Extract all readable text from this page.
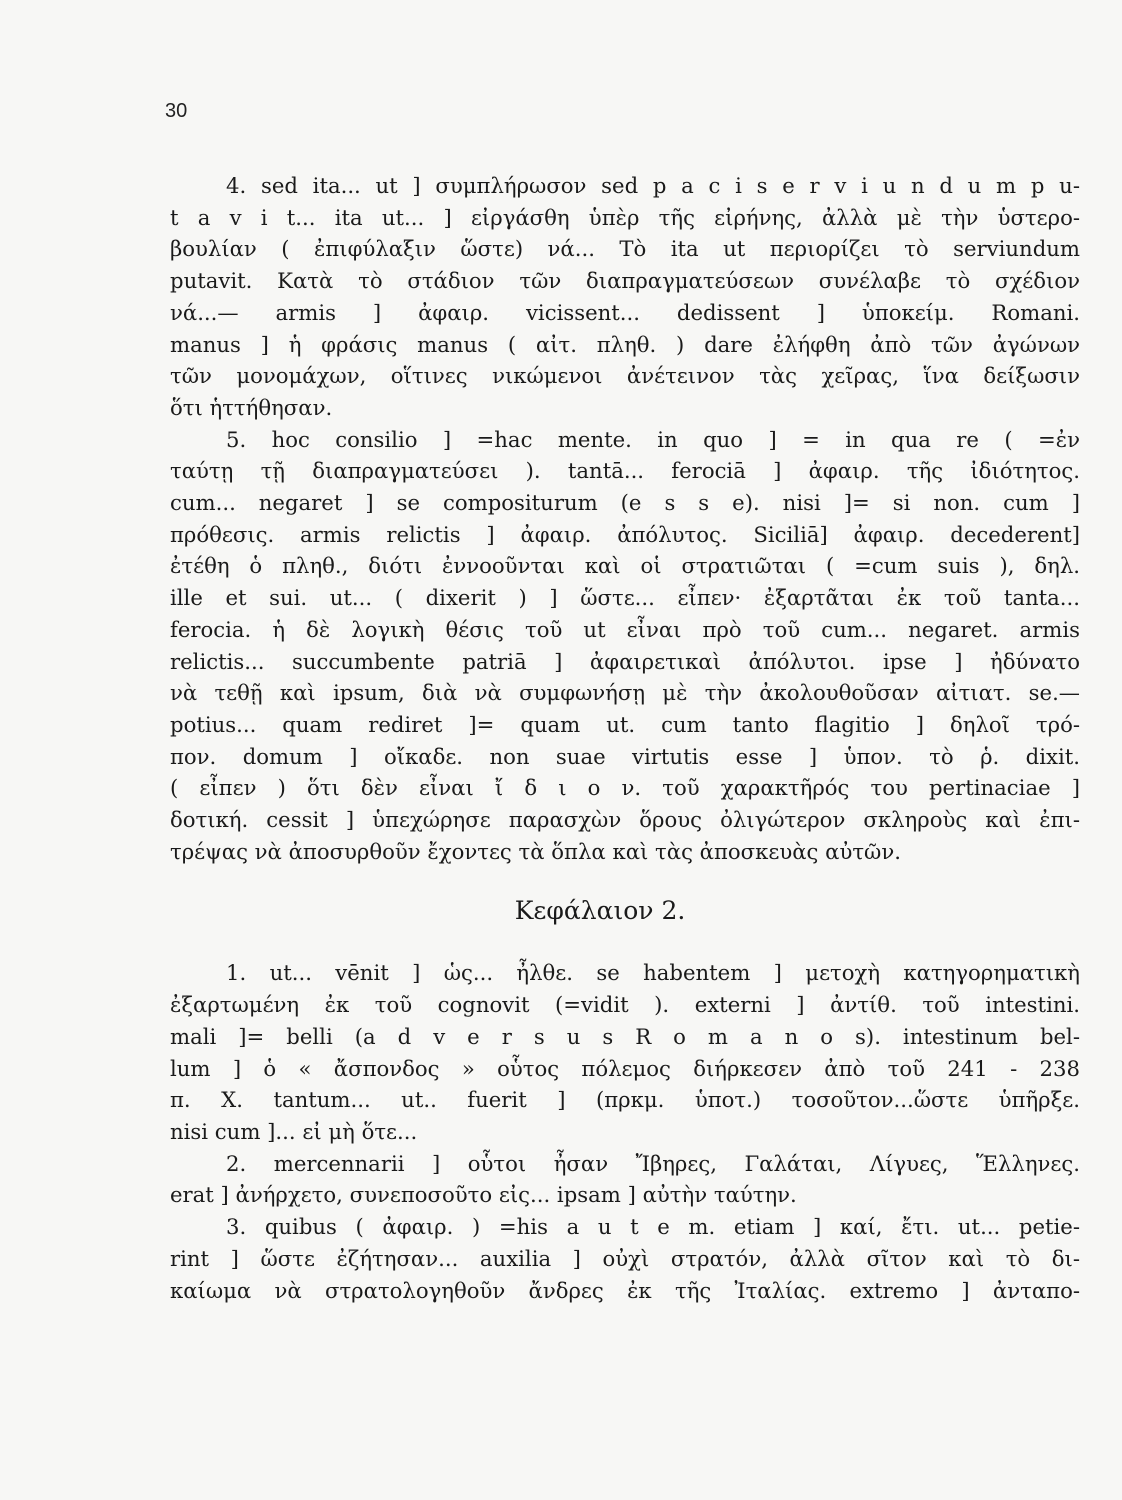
30
4. sed ita... ut ] συμπλήρωσον sed p a c i s e r v i u n d u m p u-
t a v i t... ita ut... ] εἰργάσθη ὑπὲρ τῆς εἰρήνης, ἀλλὰ μὲ τὴν ὑστερο-
βουλίαν ( ἐπιφύλαξιν ὥστε) νά... Τὸ ita ut περιορίζει τὸ serviundum
putavit. Κατὰ τὸ στάδιον τῶν διαπραγματεύσεων συνέλαβε τὸ σχέδιον
νά...— armis ] ἀφαιρ. vicissent... dedissent ] ὑποκείμ. Romani.
manus ] ἡ φράσις manus ( αἰτ. πληθ. ) dare ἐλήφθη ἀπὸ τῶν ἀγώνων
τῶν μονομάχων, οἵτινες νικώμενοι ἀνέτεινον τὰς χεῖρας, ἵνα δείξωσιν
ὅτι ἡττήθησαν.
5. hoc consilio ] =hac mente. in quo ] = in qua re ( =ἐν
ταύτῃ τῇ διαπραγματεύσει ). tantā... ferociā ] ἀφαιρ. τῆς ἰδιότητος.
cum... negaret ] se compositurum (e s s e). nisi ]= si non. cum ]
πρόθεσις. armis relictis ] ἀφαιρ. ἀπόλυτος. Siciliā] ἀφαιρ. decederent]
ἐτέθη ὁ πληθ., διότι ἐννοοῦνται καὶ οἱ στρατιῶται ( =cum suis ), δηλ.
ille et sui. ut... ( dixerit ) ] ὥστε... εἶπεν· ἐξαρτᾶται ἐκ τοῦ tanta...
ferocia. ἡ δὲ λογικὴ θέσις τοῦ ut εἶναι πρὸ τοῦ cum... negaret. armis
relictis... succumbente patriā ] ἀφαιρετικαὶ ἀπόλυτοι. ipse ] ἠδύνατο
νὰ τεθῇ καὶ ipsum, διὰ νὰ συμφωνήσῃ μὲ τὴν ἀκολουθοῦσαν αἰτιατ. se.—
potius... quam rediret ]= quam ut. cum tanto flagitio ] δηλοῖ τρό-
πον. domum ] οἴκαδε. non suae virtutis esse ] ὑπον. τὸ ῥ. dixit.
( εἶπεν ) ὅτι δὲν εἶναι ἴ δ ι ο ν. τοῦ χαρακτῆρός του pertinaciae ]
δοτική. cessit ] ὑπεχώρησε παρασχὼν ὅρους ὀλιγώτερον σκληροὺς καὶ ἐπι-
τρέψας νὰ ἀποσυρθοῦν ἔχοντες τὰ ὅπλα καὶ τὰς ἀποσκευὰς αὐτῶν.
Κεφάλαιον 2.
1. ut... vēnit ] ὡς... ἦλθε. se habentem ] μετοχὴ κατηγορηματικὴ
ἐξαρτωμένη ἐκ τοῦ cognovit (=vidit ). externi ] ἀντίθ. τοῦ intestini.
mali ]= belli (a d v e r s u s R o m a n o s). intestinum bel-
lum ] ὁ « ἄσπονδος » οὗτος πόλεμος διήρκεσεν ἀπὸ τοῦ 241 - 238
π. X. tantum... ut.. fuerit ] (πρκμ. ὑποτ.) τοσοῦτον...ὥστε ὑπῆρξε.
nisi cum ]... εἰ μὴ ὅτε...
2. mercennarii ] οὗτοι ἦσαν Ἴβηρες, Γαλάται, Λίγυες, Ἕλληνες.
erat ] ἀνήρχετο, συνεποσοῦτο εἰς... ipsam ] αὐτὴν ταύτην.
3. quibus ( ἀφαιρ. ) =his a u t e m. etiam ] καί, ἔτι. ut... petie-
rint ] ὥστε ἐζήτησαν... auxilia ] οὐχὶ στρατόν, ἀλλὰ σῖτον καὶ τὸ δι-
καίωμα νὰ στρατολογηθοῦν ἄνδρες ἐκ τῆς Ἰταλίας. extremo ] ἀνταπο-
